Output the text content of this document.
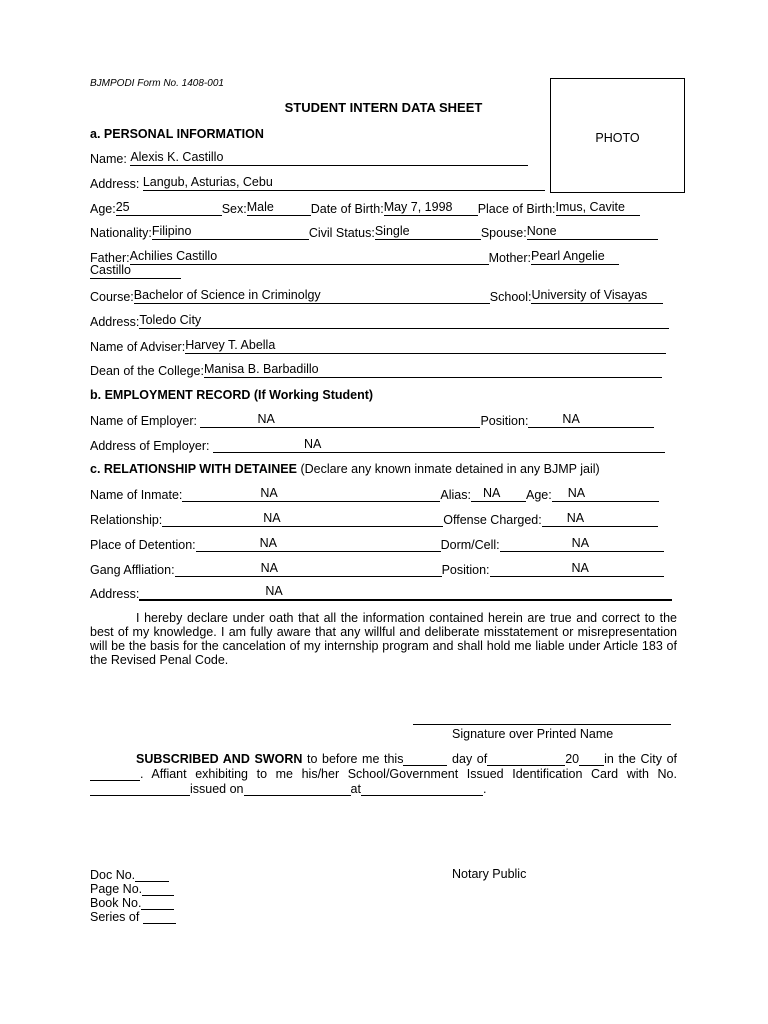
BJMPODI Form No. 1408-001
STUDENT INTERN DATA SHEET
PHOTO
a. PERSONAL INFORMATION
Name:
Alexis K. Castillo
Address:
Langub, Asturias, Cebu
Age: 25	Sex: Male	Date of Birth: May 7, 1998	Place of Birth: Imus, Cavite
Nationality: Filipino	Civil Status: Single	Spouse: None
Father: Achilies Castillo	Mother: Pearl Angelie
Castillo
Course: Bachelor of Science in Criminolgy	School: University of Visayas
Address: Toledo City
Name of Adviser: Harvey T. Abella
Dean of the College: Manisa B. Barbadillo
b. EMPLOYMENT RECORD (If Working Student)
Name of Employer:
	NA	Position:	NA
Address of Employer:
	NA
c. RELATIONSHIP WITH DETAINEE (Declare any known inmate detained in any BJMP jail)
Name of Inmate:	NA	Alias: NA	Age:	NA
Relationship:	NA	Offense Charged:	NA
Place of Detention:	NA	Dorm/Cell:	NA
Gang Affliation:	NA	Position:	NA
Address:	NA
I hereby declare under oath that all the information contained herein are true and correct to the best of my knowledge. I am fully aware that any willful and deliberate misstatement or misrepresentation will be the basis for the cancelation of my internship program and shall hold me liable under Article 183 of the Revised Penal Code.
Signature over Printed Name
SUBSCRIBED AND SWORN to before me this	day of	20 in the City of. Affiant exhibiting to me his/her School/Government Issued Identification Card with No.issued on	at	.
Doc No.
Page No.
Book No.
Series of
Notary Public
